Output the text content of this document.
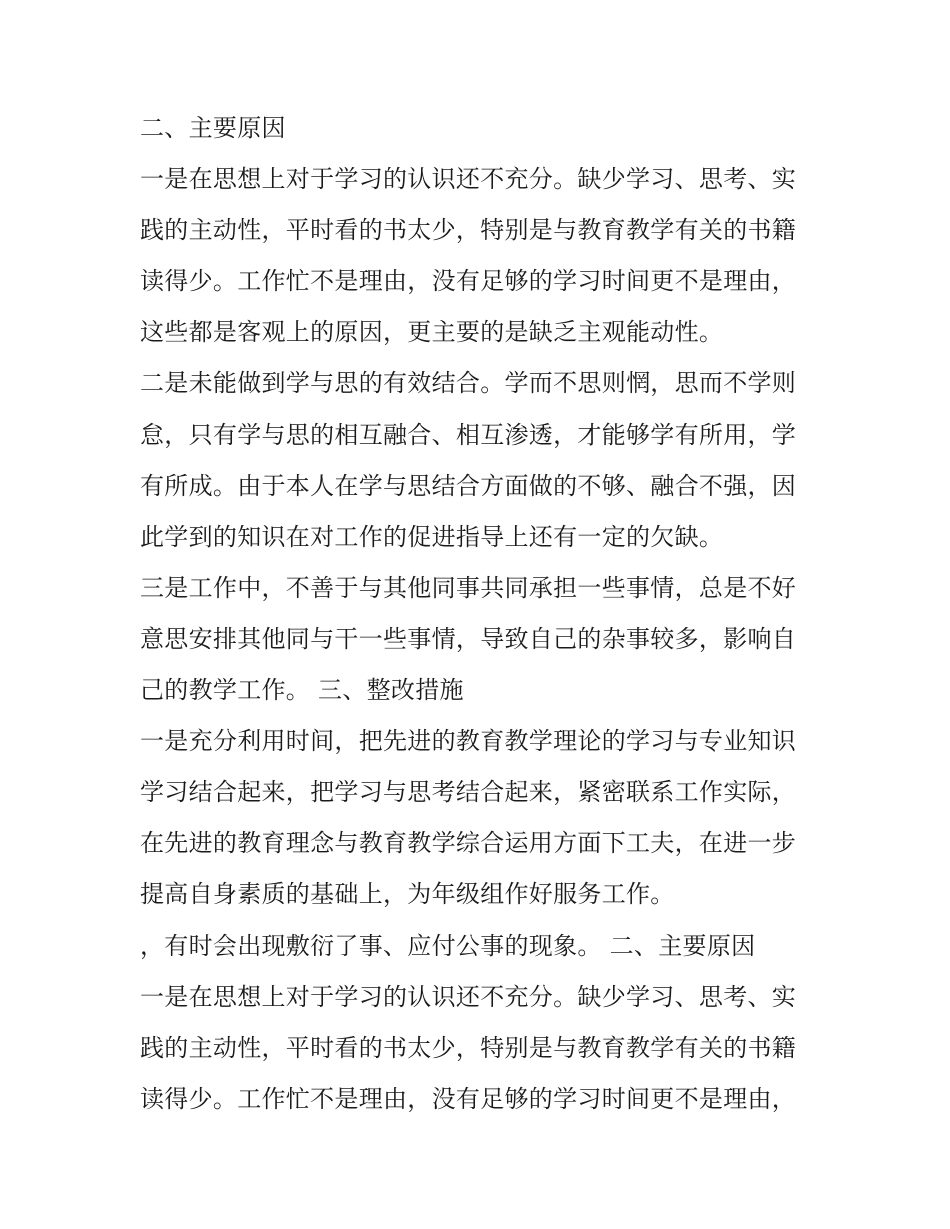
二、主要原因
一是在思想上对于学习的认识还不充分。缺少学习、思考、实
践的主动性，平时看的书太少，特别是与教育教学有关的书籍
读得少。工作忙不是理由，没有足够的学习时间更不是理由，
这些都是客观上的原因，更主要的是缺乏主观能动性。
二是未能做到学与思的有效结合。学而不思则惘，思而不学则
怠，只有学与思的相互融合、相互渗透，才能够学有所用，学
有所成。由于本人在学与思结合方面做的不够、融合不强，因
此学到的知识在对工作的促进指导上还有一定的欠缺。
三是工作中，不善于与其他同事共同承担一些事情，总是不好
意思安排其他同与干一些事情，导致自己的杂事较多，影响自
己的教学工作。 三、整改措施
一是充分利用时间，把先进的教育教学理论的学习与专业知识
学习结合起来，把学习与思考结合起来，紧密联系工作实际，
在先进的教育理念与教育教学综合运用方面下工夫，在进一步
提高自身素质的基础上，为年级组作好服务工作。
，有时会出现敷衍了事、应付公事的现象。 二、主要原因
一是在思想上对于学习的认识还不充分。缺少学习、思考、实
践的主动性，平时看的书太少，特别是与教育教学有关的书籍
读得少。工作忙不是理由，没有足够的学习时间更不是理由，
